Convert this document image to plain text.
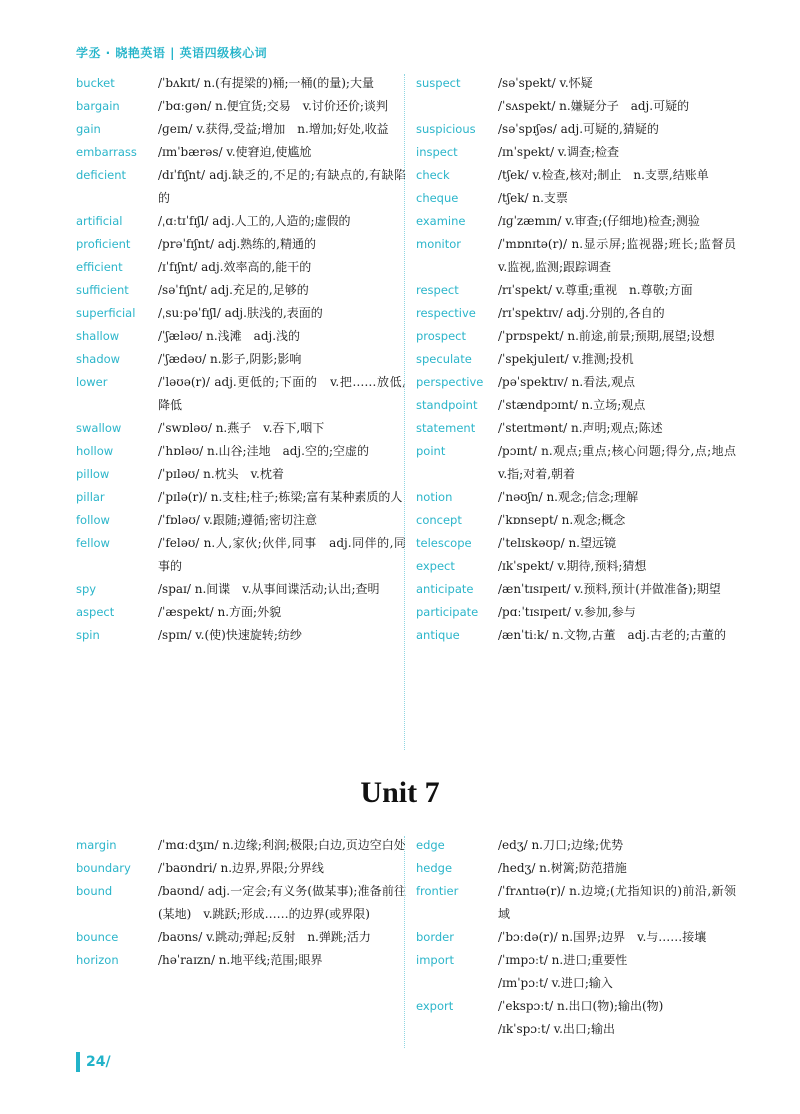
学丞 · 晓艳英语 | 英语四级核心词
bucket	/ˈbʌkɪt/ n.(有提梁的)桶;一桶(的量);大量
bargain	/ˈbɑːɡən/ n.便宜货;交易　v.讨价还价;谈判
gain	/ɡeɪn/ v.获得,受益;增加　n.增加;好处,收益
embarrass	/ɪmˈbærəs/ v.使窘迫,使尴尬
deficient	/dɪˈfɪʃnt/ adj.缺乏的,不足的;有缺点的,有缺陷的
artificial	/ˌɑːtɪˈfɪʃl/ adj.人工的,人造的;虚假的
proficient	/prəˈfɪʃnt/ adj.熟练的,精通的
efficient	/ɪˈfɪʃnt/ adj.效率高的,能干的
sufficient	/səˈfɪʃnt/ adj.充足的,足够的
superficial	/ˌsuːpəˈfɪʃl/ adj.肤浅的,表面的
shallow	/ˈʃæləʊ/ n.浅滩　adj.浅的
shadow	/ˈʃædəʊ/ n.影子,阴影;影响
lower	/ˈləʊə(r)/ adj.更低的;下面的　v.把……放低,降低
swallow	/ˈswɒləʊ/ n.燕子　v.吞下,咽下
hollow	/ˈhɒləʊ/ n.山谷;洼地　adj.空的;空虚的
pillow	/ˈpɪləʊ/ n.枕头　v.枕着
pillar	/ˈpɪlə(r)/ n.支柱;柱子;栋梁;富有某种素质的人
follow	/ˈfɒləʊ/ v.跟随;遵循;密切注意
fellow	/ˈfeləʊ/ n.人,家伙;伙伴,同事　adj.同伴的,同事的
spy	/spaɪ/ n.间谍　v.从事间谍活动;认出;查明
aspect	/ˈæspekt/ n.方面;外貌
spin	/spɪn/ v.(使)快速旋转;纺纱
suspect	/səˈspekt/ v.怀疑
/ˈsʌspekt/ n.嫌疑分子　adj.可疑的
suspicious	/səˈspɪʃəs/ adj.可疑的,猜疑的
inspect	/ɪnˈspekt/ v.调查;检查
check	/tʃek/ v.检查,核对;制止　n.支票,结账单
cheque	/tʃek/ n.支票
examine	/ɪɡˈzæmɪn/ v.审查;(仔细地)检查;测验
monitor	/ˈmɒnɪtə(r)/ n.显示屏;监视器;班长;监督员　v.监视,监测;跟踪调查
respect	/rɪˈspekt/ v.尊重;重视　n.尊敬;方面
respective	/rɪˈspektɪv/ adj.分别的,各自的
prospect	/ˈprɒspekt/ n.前途,前景;预期,展望;设想
speculate	/ˈspekjuleɪt/ v.推测;投机
perspective	/pəˈspektɪv/ n.看法,观点
standpoint	/ˈstændpɔɪnt/ n.立场;观点
statement	/ˈsteɪtmənt/ n.声明;观点;陈述
point	/pɔɪnt/ n.观点;重点;核心问题;得分,点;地点　v.指;对着,朝着
notion	/ˈnəʊʃn/ n.观念;信念;理解
concept	/ˈkɒnsept/ n.观念;概念
telescope	/ˈtelɪskəʊp/ n.望远镜
expect	/ɪkˈspekt/ v.期待,预料;猜想
anticipate	/ænˈtɪsɪpeɪt/ v.预料,预计(并做准备);期望
participate	/pɑːˈtɪsɪpeɪt/ v.参加,参与
antique	/ænˈtiːk/ n.文物,古董　adj.古老的;古董的
Unit 7
margin	/ˈmɑːdʒɪn/ n.边缘;利润;极限;白边,页边空白处
boundary	/ˈbaʊndri/ n.边界,界限;分界线
bound	/baʊnd/ adj.一定会;有义务(做某事);准备前往(某地)　v.跳跃;形成……的边界(或界限)
bounce	/baʊns/ v.跳动;弹起;反射　n.弹跳;活力
horizon	/həˈraɪzn/ n.地平线;范围;眼界
edge	/edʒ/ n.刀口;边缘;优势
hedge	/hedʒ/ n.树篱;防范措施
frontier	/ˈfrʌntɪə(r)/ n.边境;(尤指知识的)前沿,新领域
border	/ˈbɔːdə(r)/ n.国界;边界　v.与……接壤
import	/ˈɪmpɔːt/ n.进口;重要性
/ɪmˈpɔːt/ v.进口;输入
export	/ˈekspɔːt/ n.出口(物);输出(物)
/ɪkˈspɔːt/ v.出口;输出
24/
